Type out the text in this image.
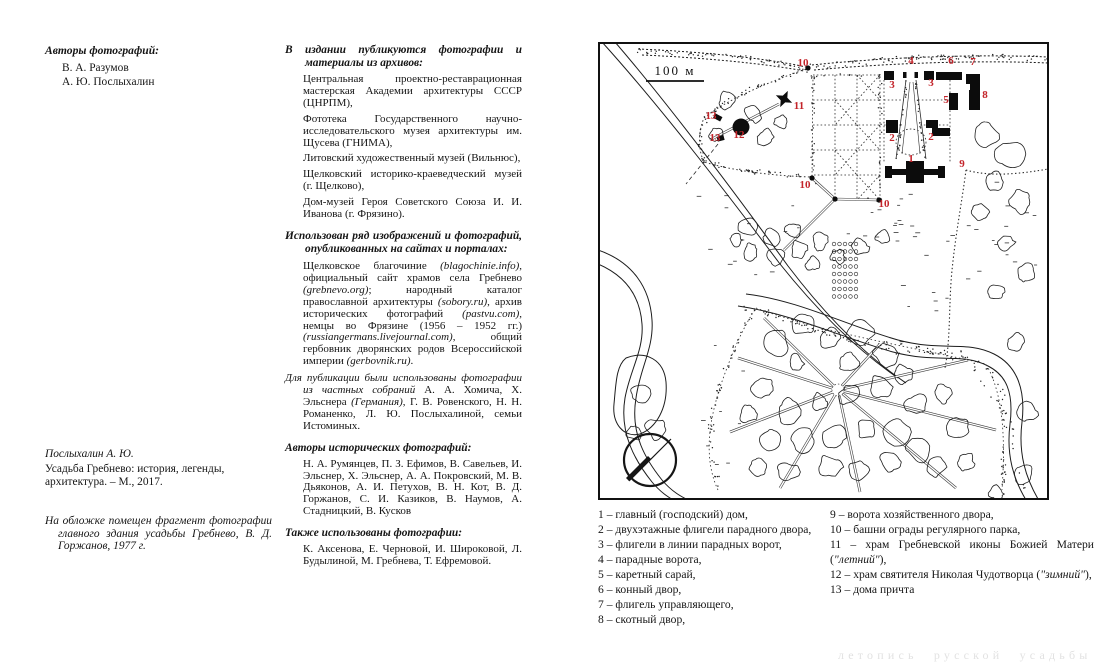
Авторы фотографий:

В. А. Разумов

А. Ю. Послыхалин

Послыхалин А. Ю.

Усадьба Гребнево: история, легенды, архитектура. – М., 2017.

На обложке помещен фрагмент фотографии главного здания усадьбы Гребнево, В. Д. Горжанов, 1977 г.

В издании публикуются фотографии и материалы из архивов:

Центральная проектно-реставрационная мастерская Академии архитектуры СССР (ЦНРПМ),

Фототека Государственного научно-исследовательского музея архитектуры им. Щусева (ГНИМА),

Литовский художественный музей (Вильнюс),

Щелковский историко-краеведческий музей (г. Щелково),

Дом-музей Героя Советского Союза И. И. Иванова (г. Фрязино).

Использован ряд изображений и фотографий, опубликованных на сайтах и порталах:

Щелковское благочиние (blagochinie.info), официальный сайт храмов села Гребнево (grebnevo.org); народный каталог православной архитектуры (sobory.ru), архив исторических фотографий (pastvu.com), немцы во Фрязине (1956 – 1952 гг.) (russiangermans.livejournal.com), общий гербовник дворянских родов Всероссийской империи (gerbovnik.ru).

Для публикации были использованы фотографии из частных собраний А. А. Хомича, Х. Эльснера (Германия), Г. В. Ровенского, Н. Н. Романенко, Л. Ю. Послыхалиной, семьи Истоминых.

Авторы исторических фотографий:

Н. А. Румянцев, П. З. Ефимов, В. Савельев, И. Эльснер, Х. Эльснер, А. А. Покровский, М. В. Дьяконов, А. И. Петухов, В. Н. Кот, В. Д. Горжанов, С. И. Казиков, В. Наумов, А. Стадницкий, В. Кусков

Также использованы фотографии:

К. Аксенова, Е. Черновой, И. Широковой, Л. Будылиной, М. Гребнева, Т. Ефремовой.

100 м	10	4	6 7
3	3
5	8
11
13
12
13	2	2
1	9
10
10

1 – главный (господский) дом,

2 – двухэтажные флигели парадного двора,

3 – флигели в линии парадных ворот,

4 – парадные ворота,

5 – каретный сарай,

6 – конный двор,

7 – флигель управляющего,

8 – скотный двор,

9 – ворота хозяйственного двора,

10 – башни ограды регулярного парка,

11 – храм Гребневской иконы Божией Матери ("летний"),

12 – храм святителя Николая Чудотворца ("зимний"),

13 – дома причта

летопись русской усадьбы
